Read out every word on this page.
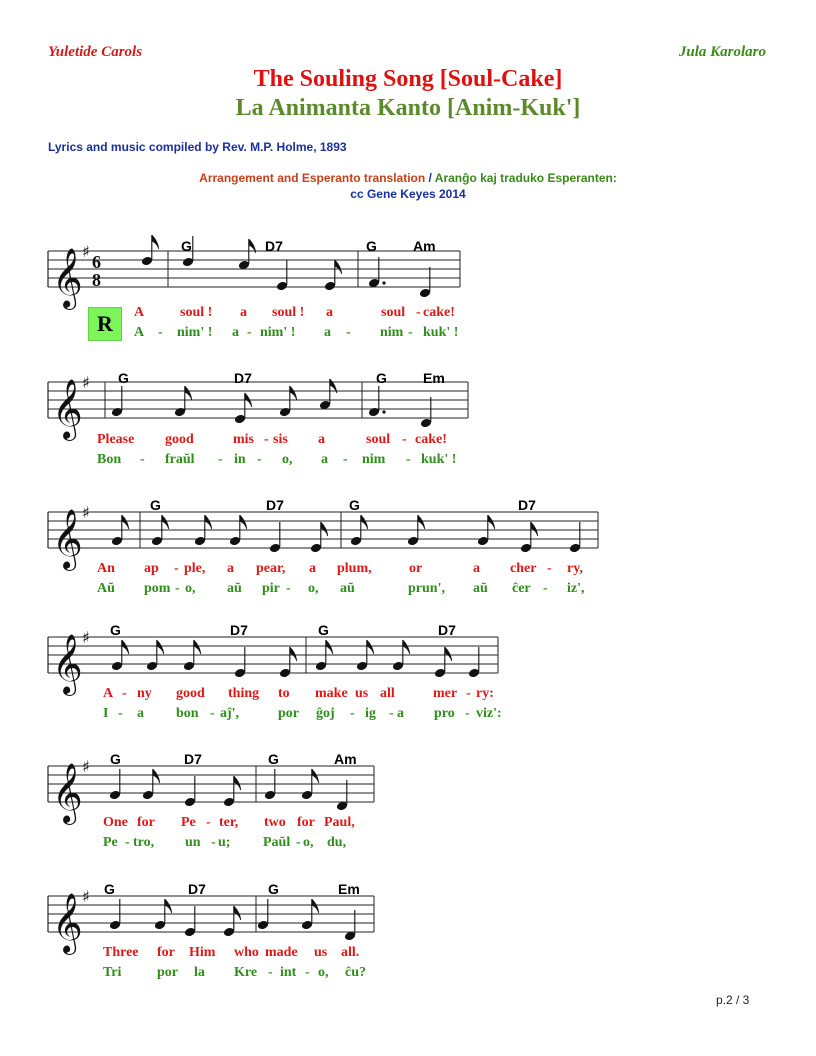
Yuletide Carols	Jula Karolaro
The Souling Song [Soul-Cake]
La Animanta Kanto [Anim-Kuk']
Lyrics and music compiled by Rev. M.P. Holme, 1893
Arrangement and Esperanto translation / Aranĝo kaj traduko Esperanten:
cc Gene Keyes 2014
R
𝄞 ♯
6
8
𝄞 ♯
𝄞 ♯
𝄞 ♯
𝄞 ♯
𝄞 ♯
G	D7	G	Am
A	soul ! a soul ! a	soul - cake!
A - nim' ! a - nim' ! a - nim - kuk' !
G	D7	G	Em
Please good	mis - sis a	soul - cake!
Bon - fraŭl - in - o, a - nim - kuk' !
G	D7	G	D7
An ap - ple, a pear, a plum,	or	a cher - ry,
Aŭ pom - o, aŭ pir - o, aŭ	prun', aŭ ĉer - iz',
G	D7	G	D7
A - ny good thing to make us all	mer - ry:
I - a bon - aĵ',	por ĝoj - ig - a pro - viz':
G	D7	G	Am
One for Pe - ter, two for Paul,
Pe - tro, un - u; Paŭl - o, du,
G	D7	G	Em
Three for Him who made us all.
Tri	por la Kre - int - o, ĉu?
p.2 / 3
